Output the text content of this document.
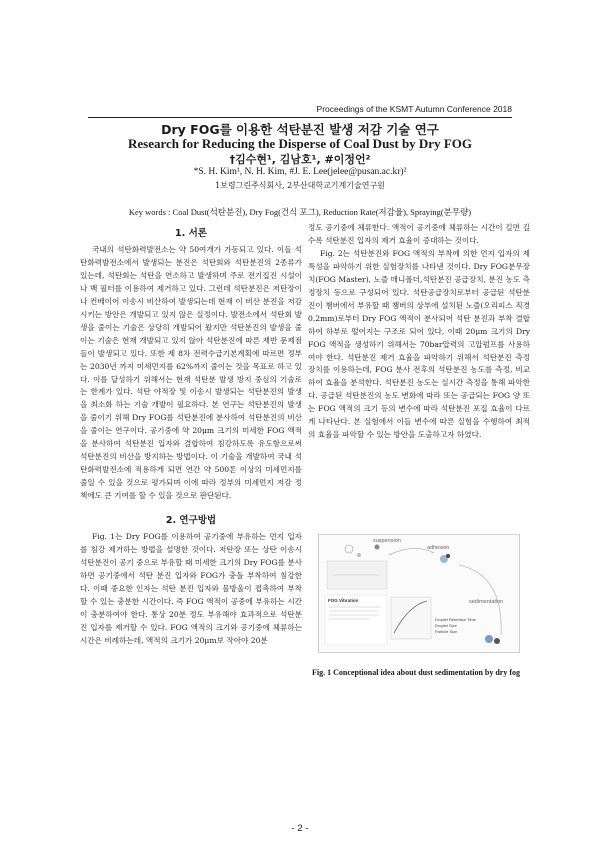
Proceedings of the KSMT Autumn Conference 2018
Dry FOG를 이용한 석탄분진 발생 저감 기술 연구
Research for Reducing the Disperse of Coal Dust by Dry FOG
†김수현¹, 김남호¹, #이정언²
*S. H. Kim¹, N. H. Kim, #J. E. Lee(jelee@pusan.ac.kr)²
1보령그린주식회사, 2부산대학교기계기술연구원
Key words : Coal Dust(석탄분진), Dry Fog(건식 포그), Reduction Rate(저감율), Spraying(분무량)
1. 서론

국내의 석탄화력발전소는 약 50여개가 가동되고 있다. 이들 석탄화력발전소에서 발생되는 분진은 석탄회와 석탄분진의 2종류가 있는데, 석탄회는 석탄을 연소하고 발생하며 주로 전기집진 시설이나 백 필터를 이용하여 제거하고 있다. 그런데 석탄분진은 저탄장이나 컨베이어 이송시 비산하여 발생되는데 현재 이 비산 분진을 저감시키는 방안은 개발되고 있지 않은 실정이다. 발전소에서 석탄회 발생을 줄이는 기술은 상당히 개발되어 왔지만 석탄분진의 발생을 줄이는 기술은 현재 개발되고 있지 않아 석탄분진에 따른 제반 문제점들이 발생되고 있다. 또한 제 8차 전력수급기본계획에 따르면 정부는 2030년 까지 미세먼지를 62%까지 줄이는 것을 목표로 하고 있다. 이를 달성하기 위해서는 현재 석탄분 발생 방지 중심의 기술로는 한계가 있다. 석탄 야적장 및 이송시 발생되는 석탄분진의 발생을 최소화 하는 기술 개발이 필요하다. 본 연구는 석탄분진의 발생을 줄이기 위해 Dry FOG를 석탄분진에 분사하여 석탄분진의 비산을 줄이는 연구이다. 공기중에 약 20μm 크기의 미세한 FOG 액적을 분사하여 석탄분진 입자와 결합하여 침강하도록 유도함으로써 석탄분진의 비산을 방지하는 방법이다. 이 기술을 개발하여 국내 석탄화력발전소에 적용하게 되면 연간 약 500톤 이상의 미세먼지를 줄일 수 있을 것으로 평가되며 이에 따라 정부의 미세먼지 저감 정책에도 큰 기여를 할 수 있을 것으로 판단된다.

2. 연구방법

Fig. 1는 Dry FOG를 이용하여 공기중에 부유하는 먼지 입자를 침강 제거하는 방법을 설명한 것이다. 저탄장 또는 상탄 이송시 석탄분진이 공기 중으로 부유할 때 미세한 크기의 Dry FOG를 분사하면 공기중에서 석탄 분진 입자와 FOG가 충돌 부착하여 침강한다. 이때 중요한 인자는 석탄 분진 입자와 물방울이 접촉하여 부착할 수 있는 충분한 시간이다. 즉 FOG 액적이 공중에 부유하는 시간이 충분하여야 한다. 통상 20분 정도 부유해야 효과적으로 석탄분진 입자를 제거할 수 있다. FOG 액적의 크기와 공기중에 체류하는 시간은 비례하는데, 액적의 크기가 20μm보 작아야 20분

정도 공기중에 체류한다. 액적이 공기중에 체류하는 시간이 길면 길수록 석탄분진 입자의 제거 효율이 증대하는 것이다.

Fig. 2는 석탄분진와 FOG 액적의 부착에 의한 먼지 입자의 제 특성을 파악하기 위한 실험장치를 나타낸 것이다. Dry FOG분무장치(FOG Master), 노즐 매니폴더,석탄분진 공급장치, 분진 농도 측정장치 등으로 구성되어 있다. 석탄공급장치로부터 공급된 석탄분진이 챔버에서 부유할 때 챔버의 상부에 설치된 노즐(오리피스 직경 0.2mm)로부터 Dry FOG 액적이 분사되어 석탄 분진과 부착 결합하여 하부로 떨어지는 구조로 되어 있다, 이때 20μm 크기의 Dry FOG 액적을 생성하기 위해서는 70bar압력의 고압펌프를 사용하여야 한다. 석탄분진 제거 효율을 파악하기 위해서 석탄분진 측정 장치를 이용하는데, FOG 분사 전후의 석탄분진 농도를 측정, 비교하여 효율을 분석한다. 석탄분진 농도는 실시간 측정을 통해 파악한다. 공급된 석탄분진의 농도 변화에 따라 또는 공급되는 FOG 양 또는 FOG 액적의 크기 등의 변수에 따라 석탄분진 포집 효율이 다르게 나타난다. 본 실험에서 이들 변수에 따른 실험을 수행하여 최적의 효율을 파악할 수 있는 방안을 도출하고자 하였다.

suspension
adhesion
sedimentation
FOG Vibration
Droplet Retention Time
Droplet Size
Particle Size
Fig. 1 Conceptional idea about dust sedimentation by dry fog
- 2 -
